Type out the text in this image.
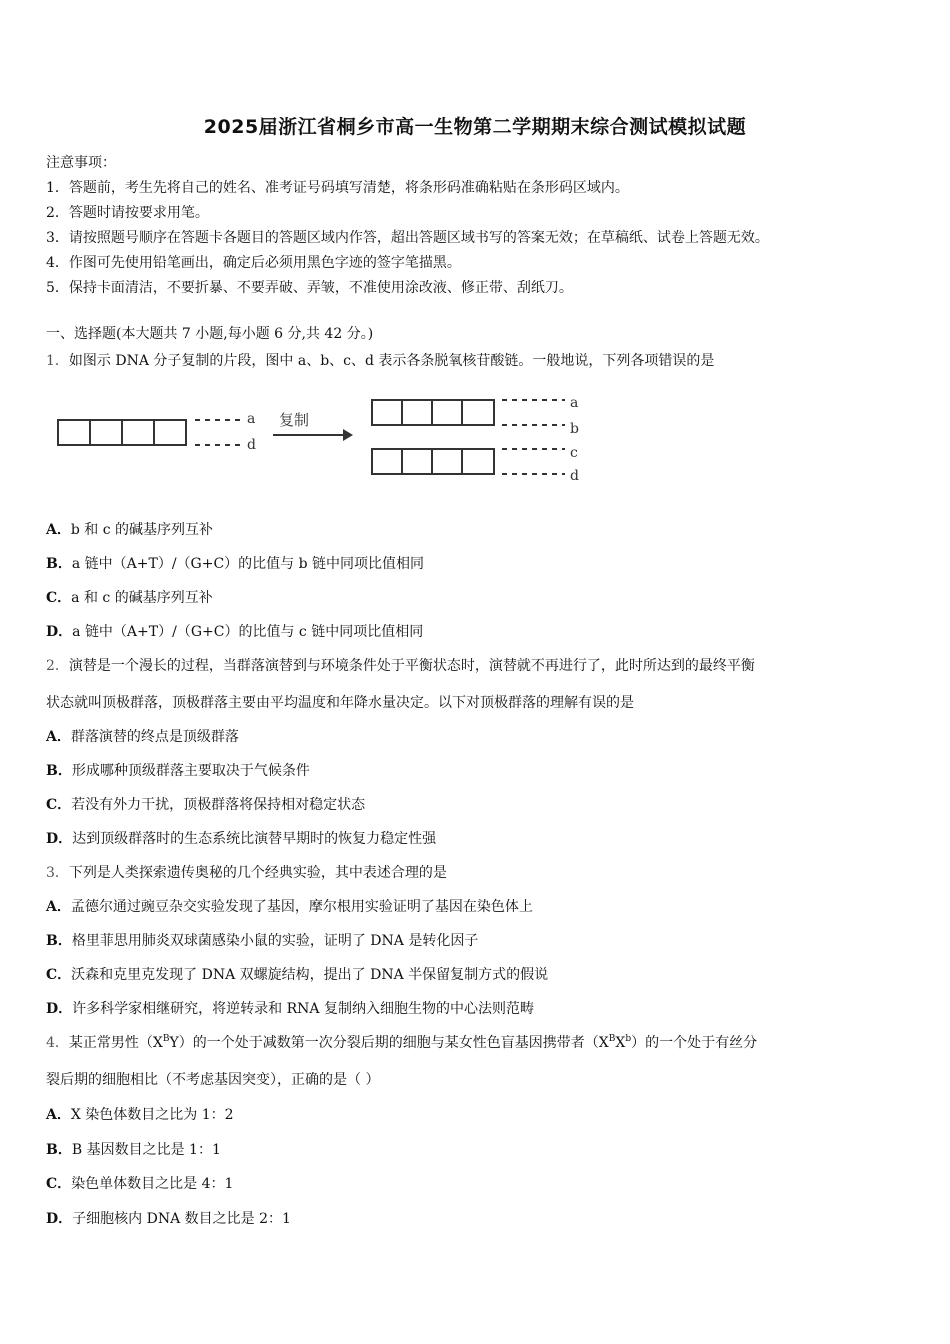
2025届浙江省桐乡市高一生物第二学期期末综合测试模拟试题
注意事项：
1．答题前，考生先将自己的姓名、准考证号码填写清楚，将条形码准确粘贴在条形码区域内。
2．答题时请按要求用笔。
3．请按照题号顺序在答题卡各题目的答题区域内作答，超出答题区域书写的答案无效；在草稿纸、试卷上答题无效。
4．作图可先使用铅笔画出，确定后必须用黑色字迹的签字笔描黑。
5．保持卡面清洁，不要折暴、不要弄破、弄皱，不准使用涂改液、修正带、刮纸刀。
一、选择题(本大题共 7 小题,每小题 6 分,共 42 分。)
1．如图示 DNA 分子复制的片段，图中 a、b、c、d 表示各条脱氧核苷酸链。一般地说，下列各项错误的是
复制
a
d
a
b
c
d
A．b 和 c 的碱基序列互补
B．a 链中（A+T）/（G+C）的比值与 b 链中同项比值相同
C．a 和 c 的碱基序列互补
D．a 链中（A+T）/（G+C）的比值与 c 链中同项比值相同
2．演替是一个漫长的过程，当群落演替到与环境条件处于平衡状态时，演替就不再进行了，此时所达到的最终平衡
状态就叫顶极群落，顶极群落主要由平均温度和年降水量决定。以下对顶极群落的理解有误的是
A．群落演替的终点是顶级群落
B．形成哪种顶级群落主要取决于气候条件
C．若没有外力干扰，顶极群落将保持相对稳定状态
D．达到顶级群落时的生态系统比演替早期时的恢复力稳定性强
3．下列是人类探索遗传奥秘的几个经典实验，其中表述合理的是
A．孟德尔通过豌豆杂交实验发现了基因，摩尔根用实验证明了基因在染色体上
B．格里菲思用肺炎双球菌感染小鼠的实验，证明了 DNA 是转化因子
C．沃森和克里克发现了 DNA 双螺旋结构，提出了 DNA 半保留复制方式的假说
D．许多科学家相继研究，将逆转录和 RNA 复制纳入细胞生物的中心法则范畴
4．某正常男性$(X^BY)$的一个处于减数第一次分裂后期的细胞与某女性色盲基因携带者$(X^BX^b)$的一个处于有丝分
裂后期的细胞相比（不考虑基因突变），正确的是（ ）
A．X 染色体数目之比为 1：2
B．B 基因数目之比是 1：1
C．染色单体数目之比是 4：1
D．子细胞核内 DNA 数目之比是 2：1
